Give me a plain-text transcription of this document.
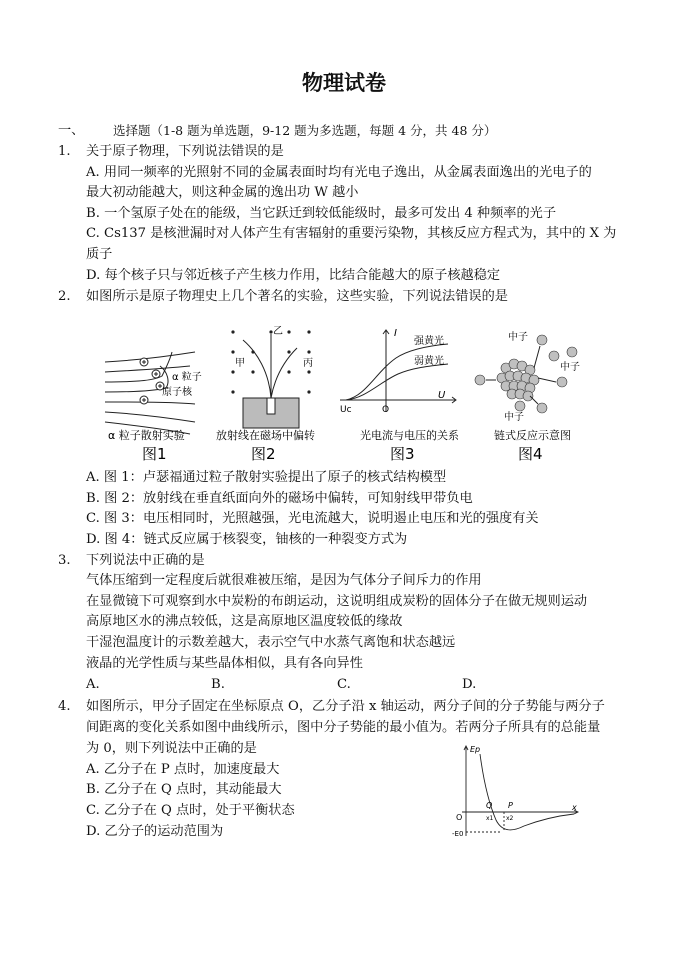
物理试卷
一、 选择题（1-8 题为单选题，9-12 题为多选题，每题 4 分，共 48 分）
1. 关于原子物理，下列说法错误的是
A. 用同一频率的光照射不同的金属表面时均有光电子逸出，从金属表面逸出的光电子的
最大初动能越大，则这种金属的逸出功 W 越小
B. 一个氢原子处在的能级，当它跃迁到较低能级时，最多可发出 4 种频率的光子
C. Cs137 是核泄漏时对人体产生有害辐射的重要污染物，其核反应方程式为，其中的 X 为
质子
D. 每个核子只与邻近核子产生核力作用，比结合能越大的原子核越稳定
2. 如图所示是原子物理史上几个著名的实验，这些实验，下列说法错误的是
α 粒子
原子核
α 粒子散射实验
图1
甲
乙
丙
放射线在磁场中偏转
图2
I
U
Uc	O
强黄光
弱黄光
光电流与电压的关系
图3
中子
中子
中子
链式反应示意图
图4
A. 图 1：卢瑟福通过粒子散射实验提出了原子的核式结构模型
B. 图 2：放射线在垂直纸面向外的磁场中偏转，可知射线甲带负电
C. 图 3：电压相同时，光照越强，光电流越大，说明遏止电压和光的强度有关
D. 图 4：链式反应属于核裂变，铀核的一种裂变方式为
3. 下列说法中正确的是
气体压缩到一定程度后就很难被压缩，是因为气体分子间斥力的作用
在显微镜下可观察到水中炭粉的布朗运动，这说明组成炭粉的固体分子在做无规则运动
高原地区水的沸点较低，这是高原地区温度较低的缘故
干湿泡温度计的示数差越大，表示空气中水蒸气离饱和状态越远
液晶的光学性质与某些晶体相似，具有各向异性
A.	B.	C.	D.
4. 如图所示，甲分子固定在坐标原点 O，乙分子沿 x 轴运动，两分子间的分子势能与两分子
间距离的变化关系如图中曲线所示，图中分子势能的最小值为。若两分子所具有的总能量
为 0，则下列说法中正确的是
A. 乙分子在 P 点时，加速度最大
B. 乙分子在 Q 点时，其动能最大
C. 乙分子在 Q 点时，处于平衡状态
D. 乙分子的运动范围为
Ep
O
Q P
x1 x2
x
-E0
